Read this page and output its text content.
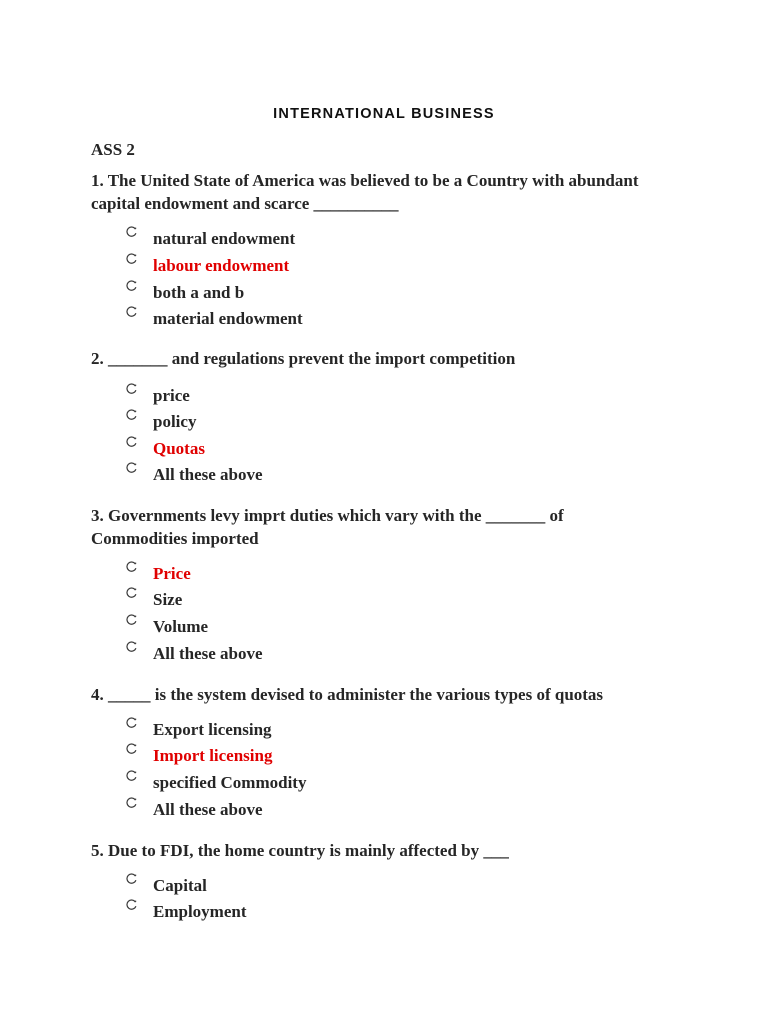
INTERNATIONAL BUSINESS
ASS 2
1. The United State of America was believed to be a Country with abundant capital endowment and scarce __________
natural endowment
labour endowment
both a and b
material endowment
2. _______ and regulations prevent the import competition
price
policy
Quotas
All these above
3. Governments levy imprt duties which vary with the _______ of Commodities imported
Price
Size
Volume
All these above
4. _____ is the system devised to administer the various types of quotas
Export licensing
Import licensing
specified Commodity
All these above
5. Due to FDI, the home country is mainly affected by ___
Capital
Employment
